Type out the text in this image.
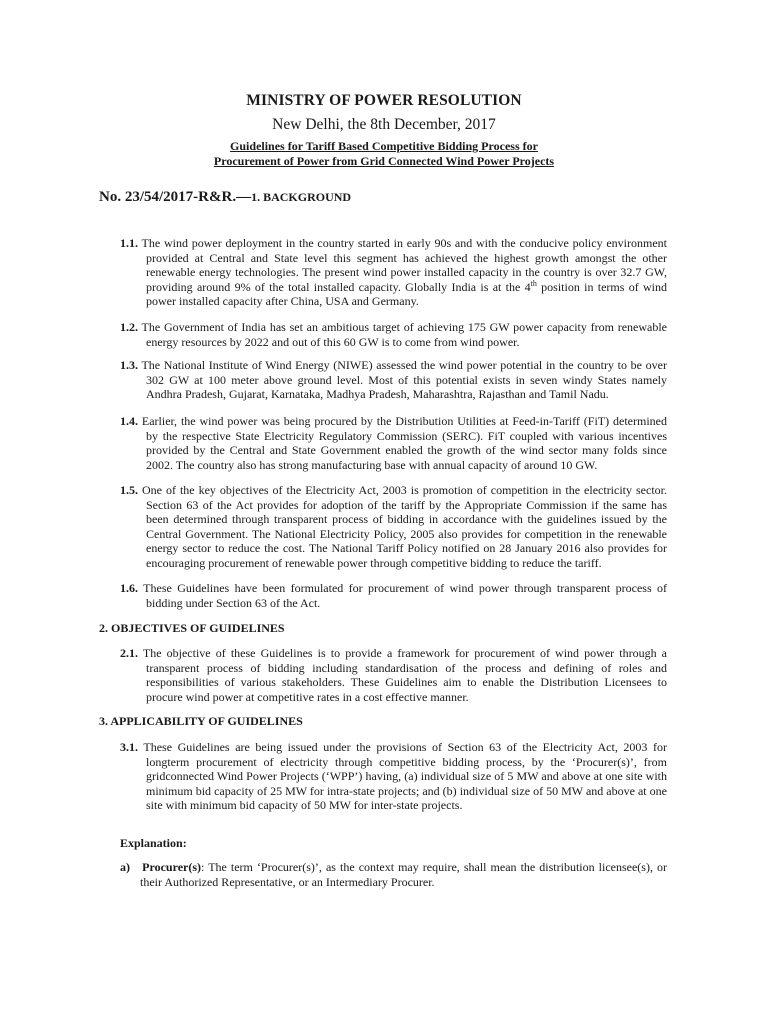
MINISTRY OF POWER RESOLUTION
New Delhi, the 8th December, 2017
Guidelines for Tariff Based Competitive Bidding Process for
Procurement of Power from Grid Connected Wind Power Projects
No. 23/54/2017-R&R.—1. BACKGROUND
1.1. The wind power deployment in the country started in early 90s and with the conducive policy environment provided at Central and State level this segment has achieved the highest growth amongst the other renewable energy technologies. The present wind power installed capacity in the country is over 32.7 GW, providing around 9% of the total installed capacity. Globally India is at the 4th position in terms of wind power installed capacity after China, USA and Germany.
1.2. The Government of India has set an ambitious target of achieving 175 GW power capacity from renewable energy resources by 2022 and out of this 60 GW is to come from wind power.
1.3. The National Institute of Wind Energy (NIWE) assessed the wind power potential in the country to be over 302 GW at 100 meter above ground level. Most of this potential exists in seven windy States namely Andhra Pradesh, Gujarat, Karnataka, Madhya Pradesh, Maharashtra, Rajasthan and Tamil Nadu.
1.4. Earlier, the wind power was being procured by the Distribution Utilities at Feed-in-Tariff (FiT) determined by the respective State Electricity Regulatory Commission (SERC). FiT coupled with various incentives provided by the Central and State Government enabled the growth of the wind sector many folds since 2002. The country also has strong manufacturing base with annual capacity of around 10 GW.
1.5. One of the key objectives of the Electricity Act, 2003 is promotion of competition in the electricity sector. Section 63 of the Act provides for adoption of the tariff by the Appropriate Commission if the same has been determined through transparent process of bidding in accordance with the guidelines issued by the Central Government. The National Electricity Policy, 2005 also provides for competition in the renewable energy sector to reduce the cost. The National Tariff Policy notified on 28 January 2016 also provides for encouraging procurement of renewable power through competitive bidding to reduce the tariff.
1.6. These Guidelines have been formulated for procurement of wind power through transparent process of bidding under Section 63 of the Act.
2. OBJECTIVES OF GUIDELINES
2.1. The objective of these Guidelines is to provide a framework for procurement of wind power through a transparent process of bidding including standardisation of the process and defining of roles and responsibilities of various stakeholders. These Guidelines aim to enable the Distribution Licensees to procure wind power at competitive rates in a cost effective manner.
3. APPLICABILITY OF GUIDELINES
3.1. These Guidelines are being issued under the provisions of Section 63 of the Electricity Act, 2003 for longterm procurement of electricity through competitive bidding process, by the ‘Procurer(s)’, from gridconnected Wind Power Projects (‘WPP’) having, (a) individual size of 5 MW and above at one site with minimum bid capacity of 25 MW for intra-state projects; and (b) individual size of 50 MW and above at one site with minimum bid capacity of 50 MW for inter-state projects.
Explanation:
a) Procurer(s): The term ‘Procurer(s)’, as the context may require, shall mean the distribution licensee(s), or their Authorized Representative, or an Intermediary Procurer.
